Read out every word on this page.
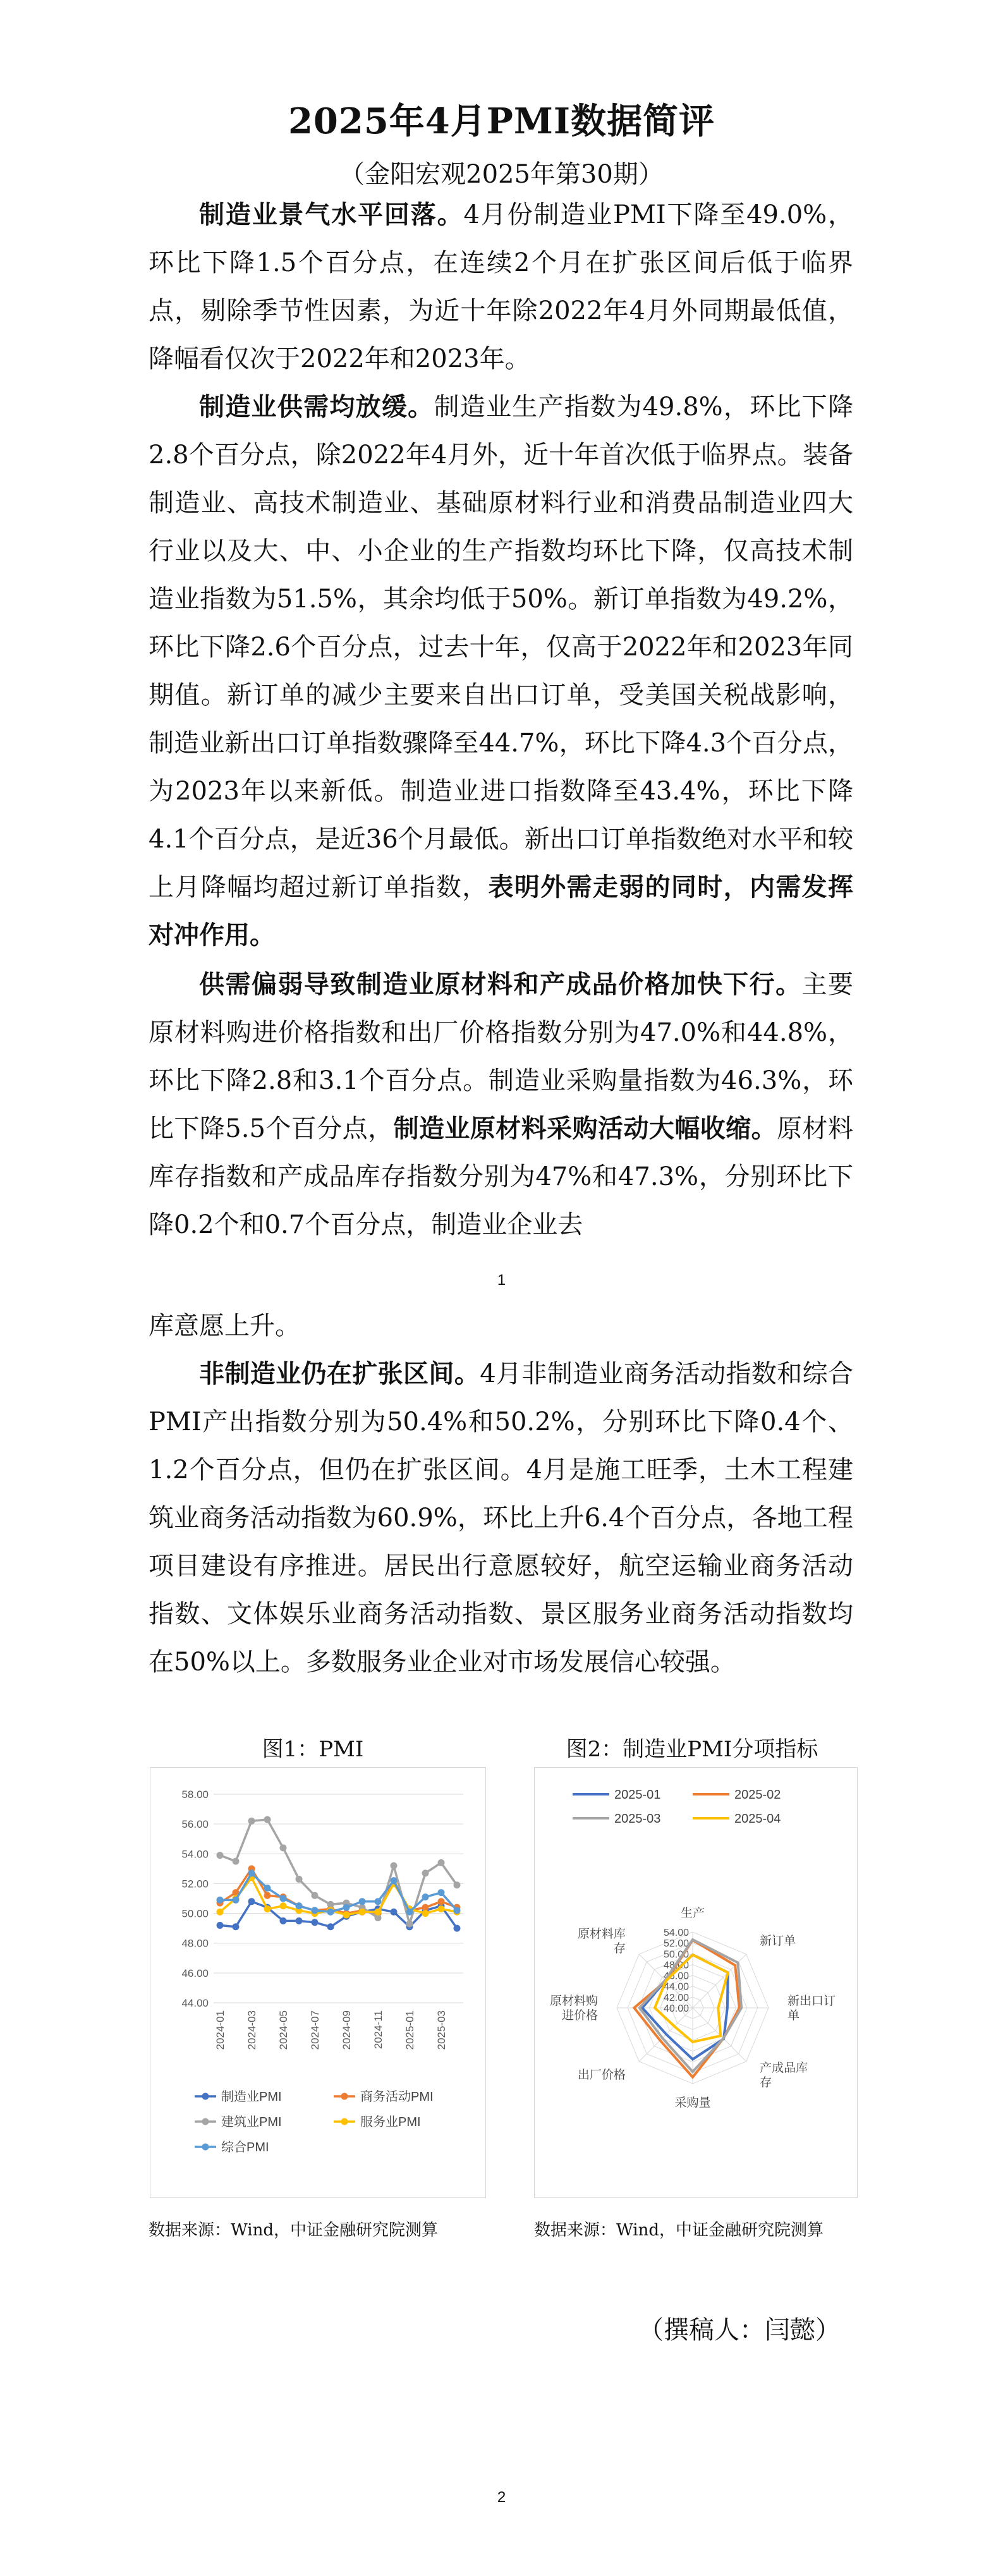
2025年4月PMI数据简评
（金阳宏观2025年第30期）

制造业景气水平回落。4月份制造业PMI下降至49.0%，环比下降1.5个百分点，在连续2个月在扩张区间后低于临界点，剔除季节性因素，为近十年除2022年4月外同期最低值，降幅看仅次于2022年和2023年。

制造业供需均放缓。制造业生产指数为49.8%，环比下降2.8个百分点，除2022年4月外，近十年首次低于临界点。装备制造业、高技术制造业、基础原材料行业和消费品制造业四大行业以及大、中、小企业的生产指数均环比下降，仅高技术制造业指数为51.5%，其余均低于50%。新订单指数为49.2%，环比下降2.6个百分点，过去十年，仅高于2022年和2023年同期值。新订单的减少主要来自出口订单，受美国关税战影响，制造业新出口订单指数骤降至44.7%，环比下降4.3个百分点，为2023年以来新低。制造业进口指数降至43.4%，环比下降4.1个百分点，是近36个月最低。新出口订单指数绝对水平和较上月降幅均超过新订单指数，表明外需走弱的同时，内需发挥对冲作用。

供需偏弱导致制造业原材料和产成品价格加快下行。主要原材料购进价格指数和出厂价格指数分别为47.0%和44.8%，环比下降2.8和3.1个百分点。制造业采购量指数为46.3%，环比下降5.5个百分点，制造业原材料采购活动大幅收缩。原材料库存指数和产成品库存指数分别为47%和47.3%，分别环比下降0.2个和0.7个百分点，制造业企业去

1

库意愿上升。

非制造业仍在扩张区间。4月非制造业商务活动指数和综合PMI产出指数分别为50.4%和50.2%，分别环比下降0.4个、1.2个百分点，但仍在扩张区间。4月是施工旺季，土木工程建筑业商务活动指数为60.9%，环比上升6.4个百分点，各地工程项目建设有序推进。居民出行意愿较好，航空运输业商务活动指数、文体娱乐业商务活动指数、景区服务业商务活动指数均在50%以上。多数服务业企业对市场发展信心较强。

图1：PMI
58.00
56.00
54.00
52.00
50.00
48.00
46.00
44.00
2024-01 2024-03 2024-05 2024-07 2024-09 2024-11 2025-01 2025-03
制造业PMI	商务活动PMI
建筑业PMI	服务业PMI
综合PMI
数据来源：Wind，中证金融研究院测算
图2：制造业PMI分项指标
2025-01	2025-02
2025-03	2025-04
54.00
52.00
50.00
48.00
46.00
44.00
42.00
40.00
生产
新订单
新出口订单
产成品库存
采购量
出厂价格
原材料购进价格
原材料库存
数据来源：Wind，中证金融研究院测算
（撰稿人：闫懿）
2
